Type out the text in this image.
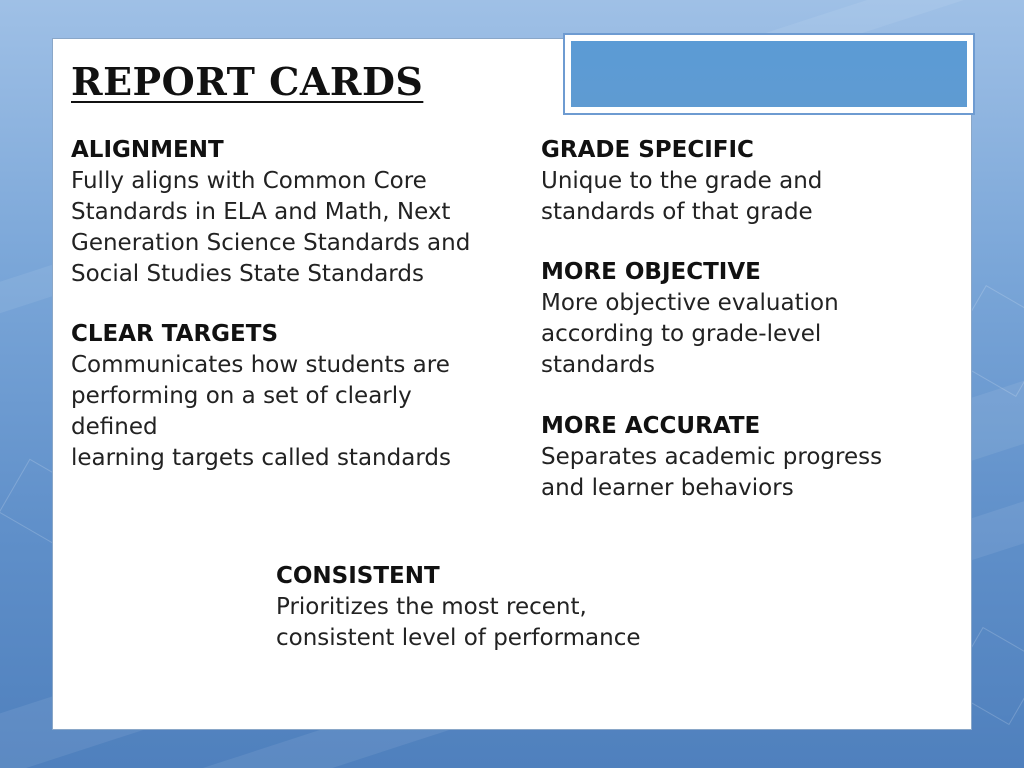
REPORT CARDS
ALIGNMENT
Fully aligns with Common Core
Standards in ELA and Math, Next
Generation Science Standards and
Social Studies State Standards
CLEAR TARGETS
Communicates how students are
performing on a set of clearly
defined
learning targets called standards
GRADE SPECIFIC
Unique to the grade and
standards of that grade
MORE OBJECTIVE
More objective evaluation
according to grade-level
standards
MORE ACCURATE
Separates academic progress
and learner behaviors
CONSISTENT
Prioritizes the most recent,
consistent level of performance
